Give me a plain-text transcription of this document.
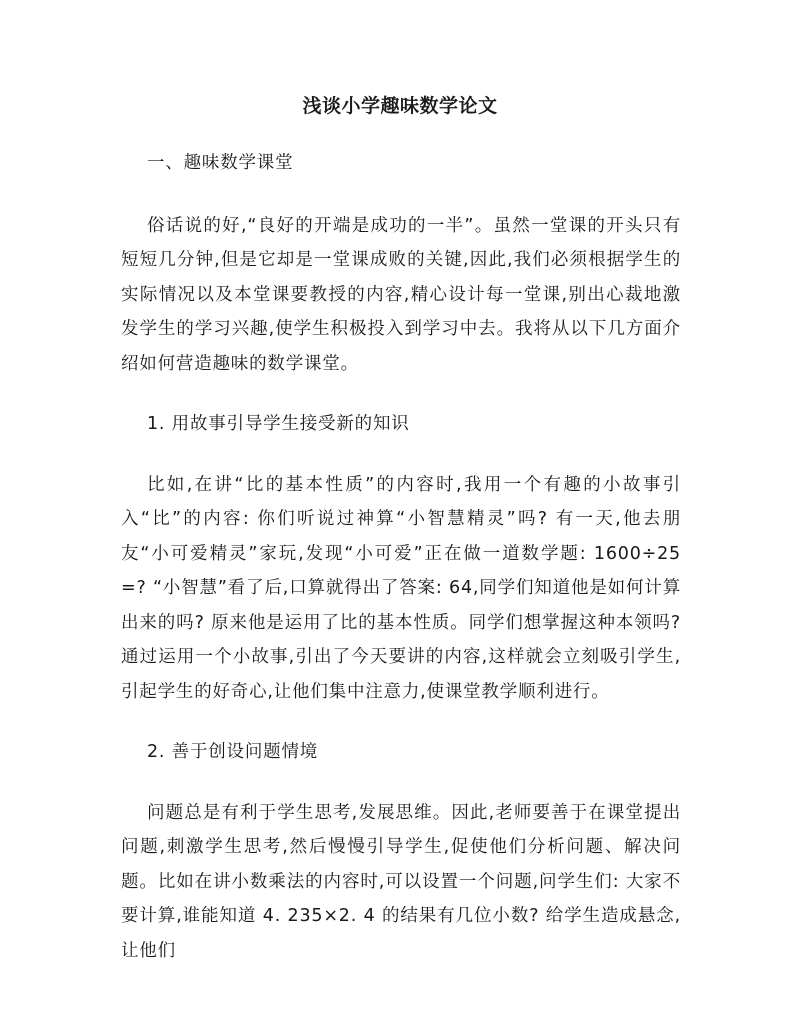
浅谈小学趣味数学论文

一、趣味数学课堂

俗话说的好,“良好的开端是成功的一半”。虽然一堂课的开头只有短短几分钟,但是它却是一堂课成败的关键,因此,我们必须根据学生的实际情况以及本堂课要教授的内容,精心设计每一堂课,别出心裁地激发学生的学习兴趣,使学生积极投入到学习中去。我将从以下几方面介绍如何营造趣味的数学课堂。

1. 用故事引导学生接受新的知识

比如,在讲“比的基本性质”的内容时,我用一个有趣的小故事引入“比”的内容: 你们听说过神算“小智慧精灵”吗? 有一天,他去朋友“小可爱精灵”家玩,发现“小可爱”正在做一道数学题: 1600÷25 =? “小智慧”看了后,口算就得出了答案: 64,同学们知道他是如何计算出来的吗? 原来他是运用了比的基本性质。同学们想掌握这种本领吗? 通过运用一个小故事,引出了今天要讲的内容,这样就会立刻吸引学生,引起学生的好奇心,让他们集中注意力,使课堂教学顺利进行。

2. 善于创设问题情境

问题总是有利于学生思考,发展思维。因此,老师要善于在课堂提出问题,刺激学生思考,然后慢慢引导学生,促使他们分析问题、解决问题。比如在讲小数乘法的内容时,可以设置一个问题,问学生们: 大家不要计算,谁能知道 4. 235×2. 4 的结果有几位小数? 给学生造成悬念,让他们
